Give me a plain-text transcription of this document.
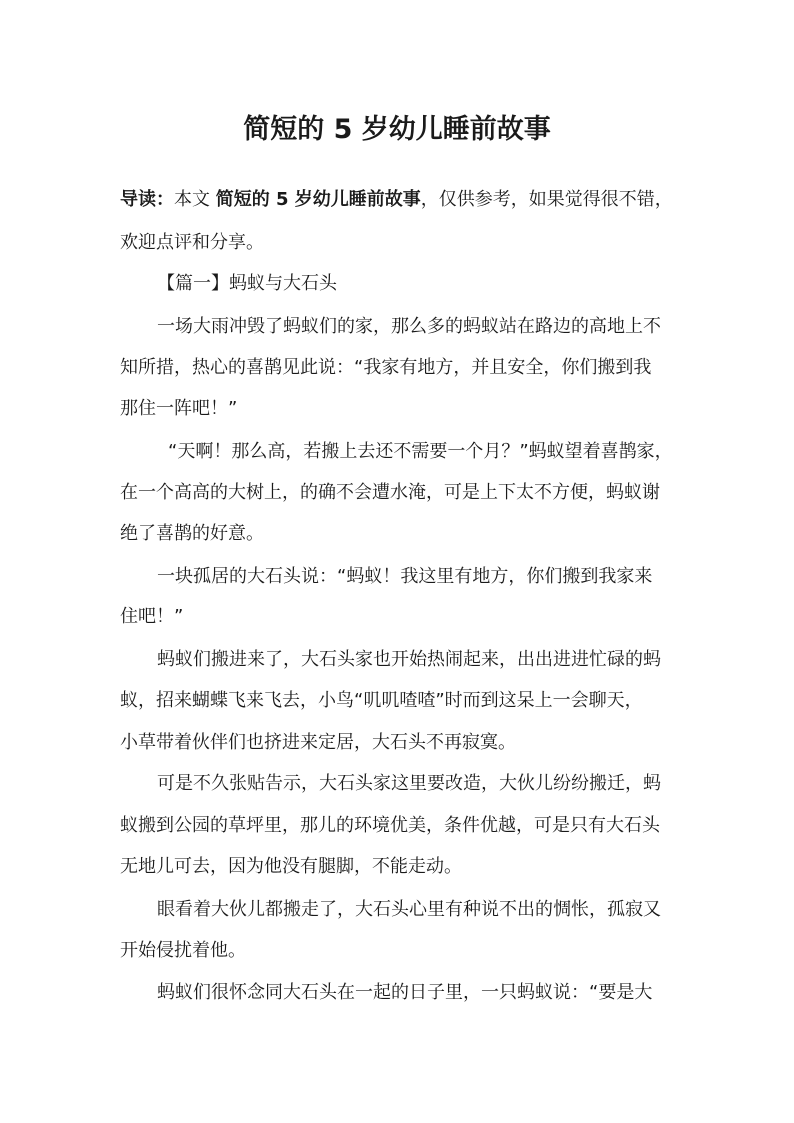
简短的 5 岁幼儿睡前故事

导读：本文 简短的 5 岁幼儿睡前故事，仅供参考，如果觉得很不错，

欢迎点评和分享。

【篇一】蚂蚁与大石头

一场大雨冲毁了蚂蚁们的家，那么多的蚂蚁站在路边的高地上不

知所措，热心的喜鹊见此说：“我家有地方，并且安全，你们搬到我

那住一阵吧！”

“天啊！那么高，若搬上去还不需要一个月？”蚂蚁望着喜鹊家，

在一个高高的大树上，的确不会遭水淹，可是上下太不方便，蚂蚁谢

绝了喜鹊的好意。

一块孤居的大石头说：“蚂蚁！我这里有地方，你们搬到我家来

住吧！”

蚂蚁们搬进来了，大石头家也开始热闹起来，出出进进忙碌的蚂

蚁，招来蝴蝶飞来飞去，小鸟“叽叽喳喳”时而到这呆上一会聊天，

小草带着伙伴们也挤进来定居，大石头不再寂寞。

可是不久张贴告示，大石头家这里要改造，大伙儿纷纷搬迁，蚂

蚁搬到公园的草坪里，那儿的环境优美，条件优越，可是只有大石头

无地儿可去，因为他没有腿脚，不能走动。

眼看着大伙儿都搬走了，大石头心里有种说不出的惆怅，孤寂又

开始侵扰着他。

蚂蚁们很怀念同大石头在一起的日子里，一只蚂蚁说：“要是大
